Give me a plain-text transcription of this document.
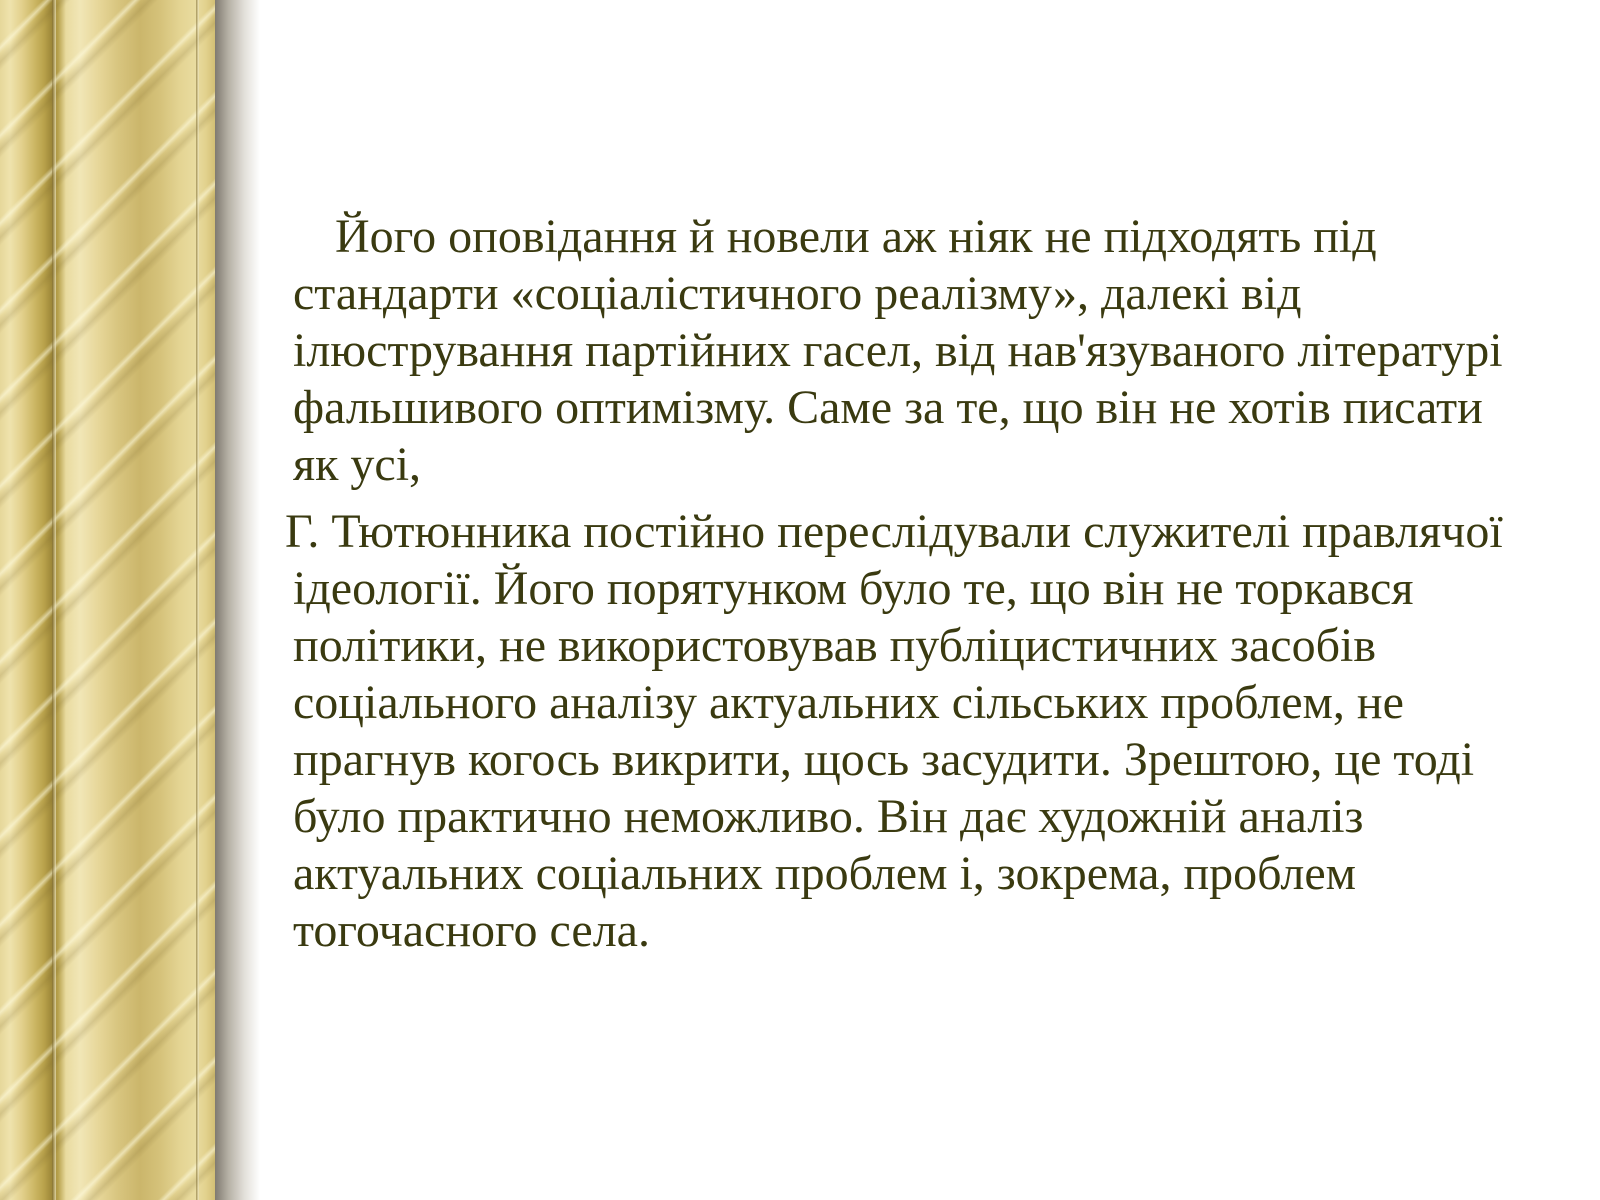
Його оповідання й новели аж ніяк не підходять під стандарти «соціалістичного реалізму», далекі від ілюстрування партійних гасел, від нав'язуваного літературі фальшивого оптимізму. Саме за те, що він не хотів писати як усі,

Г. Тютюнника постійно переслідували служителі правлячої ідеології. Його порятунком було те, що він не торкався політики, не використовував публіцистичних засобів соціального аналізу актуальних сільських проблем, не прагнув когось викрити, щось засудити. Зрештою, це тоді було практично неможливо. Він дає художній аналіз актуальних соціальних проблем і, зокрема, проблем тогочасного села.
